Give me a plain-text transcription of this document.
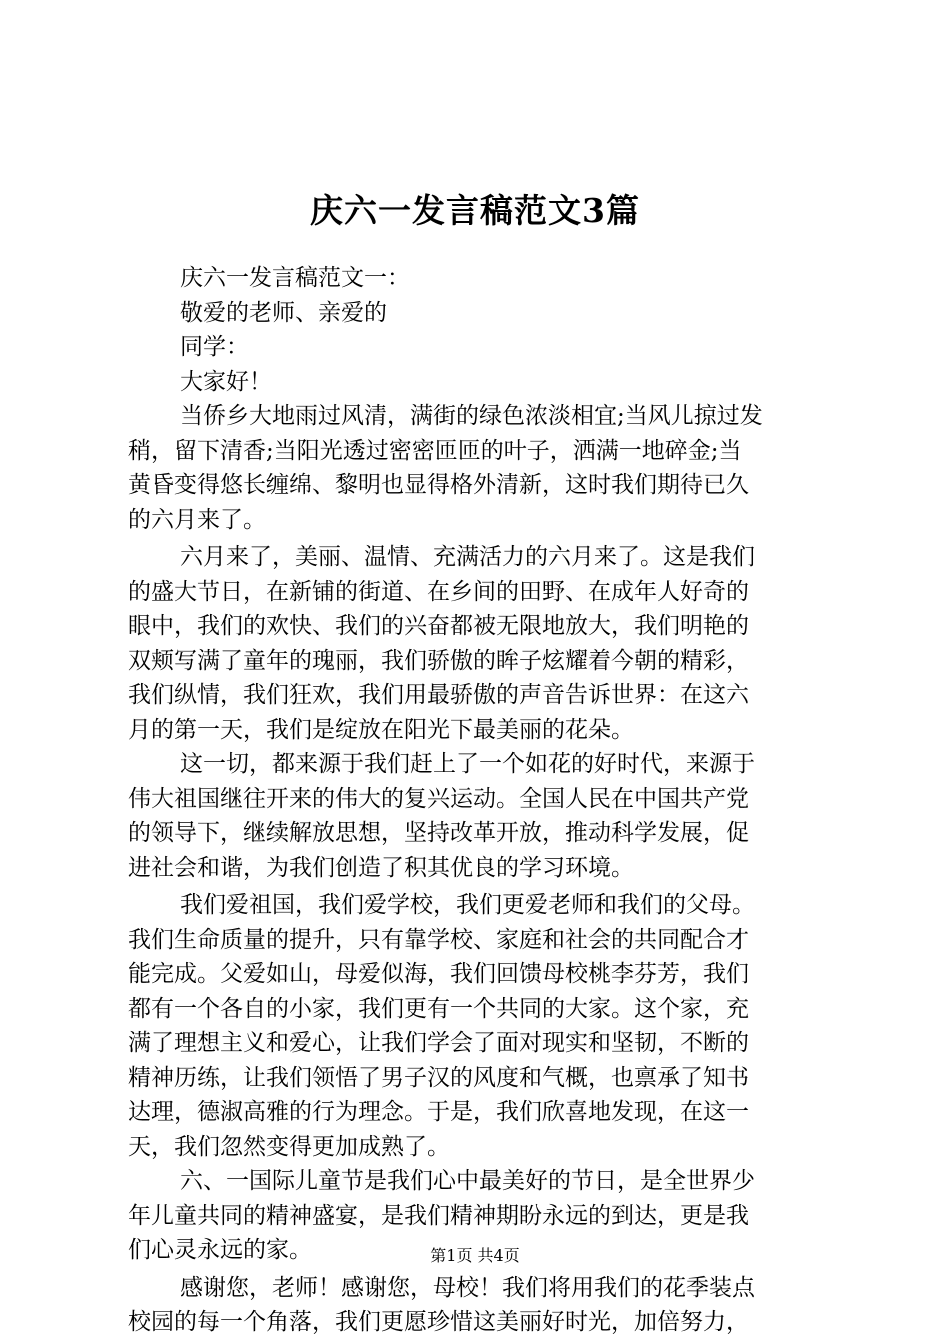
庆六一发言稿范文3篇
庆六一发言稿范文一：
敬爱的老师、亲爱的
同学：
大家好！
当侨乡大地雨过风清，满街的绿色浓淡相宜;当风儿掠过发
稍，留下清香;当阳光透过密密匝匝的叶子，洒满一地碎金;当
黄昏变得悠长缠绵、黎明也显得格外清新，这时我们期待已久
的六月来了。
六月来了，美丽、温情、充满活力的六月来了。这是我们
的盛大节日，在新铺的街道、在乡间的田野、在成年人好奇的
眼中，我们的欢快、我们的兴奋都被无限地放大，我们明艳的
双颊写满了童年的瑰丽，我们骄傲的眸子炫耀着今朝的精彩，
我们纵情，我们狂欢，我们用最骄傲的声音告诉世界：在这六
月的第一天，我们是绽放在阳光下最美丽的花朵。
这一切，都来源于我们赶上了一个如花的好时代，来源于
伟大祖国继往开来的伟大的复兴运动。全国人民在中国共产党
的领导下，继续解放思想，坚持改革开放，推动科学发展，促
进社会和谐，为我们创造了积其优良的学习环境。
我们爱祖国，我们爱学校，我们更爱老师和我们的父母。
我们生命质量的提升，只有靠学校、家庭和社会的共同配合才
能完成。父爱如山，母爱似海，我们回馈母校桃李芬芳，我们
都有一个各自的小家，我们更有一个共同的大家。这个家，充
满了理想主义和爱心，让我们学会了面对现实和坚韧，不断的
精神历练，让我们领悟了男子汉的风度和气概，也禀承了知书
达理，德淑高雅的行为理念。于是，我们欣喜地发现，在这一
天，我们忽然变得更加成熟了。
六、一国际儿童节是我们心中最美好的节日，是全世界少
年儿童共同的精神盛宴，是我们精神期盼永远的到达，更是我
们心灵永远的家。
感谢您，老师！感谢您，母校！我们将用我们的花季装点
校园的每一个角落，我们更愿珍惜这美丽好时光，加倍努力，
第1页 共4页
